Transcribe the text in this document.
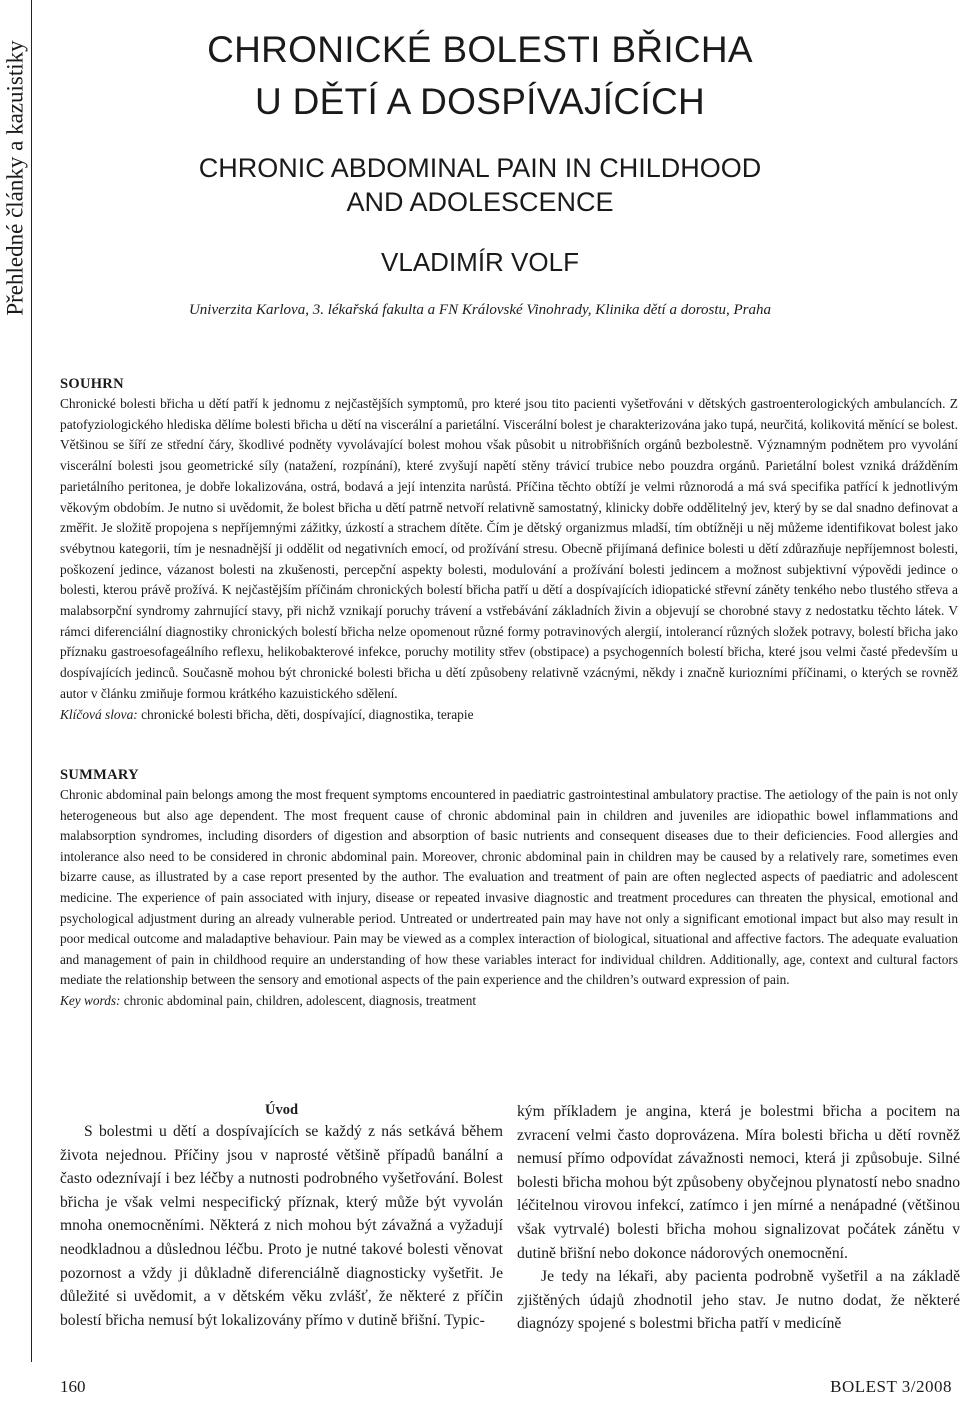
Přehledné články a kazuistiky	CHRONICKÉ BOLESTI BŘICHA
U DĚTÍ A DOSPÍVAJÍCÍCH
CHRONIC ABDOMINAL PAIN IN CHILDHOOD
AND ADOLESCENCE
VLADIMÍR VOLF

Univerzita Karlova, 3. lékařská fakulta a FN Královské Vinohrady, Klinika dětí a dorostu, Praha

SOUHRN

Chronické bolesti břicha u dětí patří k jednomu z nejčastějších symptomů, pro které jsou tito pacienti vyšetřováni v dětských gastroenterologických ambulancích. Z patofyziologického hlediska dělíme bolesti břicha u dětí na viscerální a parietální. Viscerální bolest je charakterizována jako tupá, neurčitá, kolikovitá měnící se bolest. Většinou se šíří ze střední čáry, škodlivé podněty vyvolávající bolest mohou však působit u nitrobřišních orgánů bezbolestně. Významným podnětem pro vyvolání viscerální bolesti jsou geometrické síly (natažení, rozpínání), které zvyšují napětí stěny trávicí trubice nebo pouzdra orgánů. Parietální bolest vzniká drážděním parietálního peritonea, je dobře lokalizována, ostrá, bodavá a její intenzita narůstá. Příčina těchto obtíží je velmi různorodá a má svá specifika patřící k jednotlivým věkovým obdobím. Je nutno si uvědomit, že bolest břicha u dětí patrně netvoří relativně samostatný, klinicky dobře oddělitelný jev, který by se dal snadno definovat a změřit. Je složitě propojena s nepříjemnými zážitky, úzkostí a strachem dítěte. Čím je dětský organizmus mladší, tím obtížněji u něj můžeme identifikovat bolest jako svébytnou kategorii, tím je nesnadnější ji oddělit od negativních emocí, od prožívání stresu. Obecně přijímaná definice bolesti u dětí zdůrazňuje nepříjemnost bolesti, poškození jedince, vázanost bolesti na zkušenosti, percepční aspekty bolesti, modulování a prožívání bolesti jedincem a možnost subjektivní výpovědi jedince o bolesti, kterou právě prožívá. K nejčastějším příčinám chronických bolestí břicha patří u dětí a dospívajících idiopatické střevní záněty tenkého nebo tlustého střeva a malabsorpční syndromy zahrnující stavy, při nichž vznikají poruchy trávení a vstřebávání základních živin a objevují se chorobné stavy z nedostatku těchto látek. V rámci diferenciální diagnostiky chronických bolestí břicha nelze opomenout různé formy potravinových alergií, intolerancí různých složek potravy, bolestí břicha jako příznaku gastroesofageálního reflexu, helikobakterové infekce, poruchy motility střev (obstipace) a psychogenních bolestí břicha, které jsou velmi časté především u dospívajících jedinců. Současně mohou být chronické bolesti břicha u dětí způsobeny relativně vzácnými, někdy i značně kuriozními příčinami, o kterých se rovněž autor v článku zmiňuje formou krátkého kazuistického sdělení.

Klíčová slova: chronické bolesti břicha, děti, dospívající, diagnostika, terapie

SUMMARY

Chronic abdominal pain belongs among the most frequent symptoms encountered in paediatric gastrointestinal ambulatory practise. The aetiology of the pain is not only heterogeneous but also age dependent. The most frequent cause of chronic abdominal pain in children and juveniles are idiopathic bowel inflammations and malabsorption syndromes, including disorders of digestion and absorption of basic nutrients and consequent diseases due to their deficiencies. Food allergies and intolerance also need to be considered in chronic abdominal pain. Moreover, chronic abdominal pain in children may be caused by a relatively rare, sometimes even bizarre cause, as illustrated by a case report presented by the author. The evaluation and treatment of pain are often neglected aspects of paediatric and adolescent medicine. The experience of pain associated with injury, disease or repeated invasive diagnostic and treatment procedures can threaten the physical, emotional and psychological adjustment during an already vulnerable period. Untreated or undertreated pain may have not only a significant emotional impact but also may result in poor medical outcome and maladaptive behaviour. Pain may be viewed as a complex interaction of biological, situational and affective factors. The adequate evaluation and management of pain in childhood require an understanding of how these variables interact for individual children. Additionally, age, context and cultural factors mediate the relationship between the sensory and emotional aspects of the pain experience and the children’s outward expression of pain.

Key words: chronic abdominal pain, children, adolescent, diagnosis, treatment

Úvod

S bolestmi u dětí a dospívajících se každý z nás setkává během života nejednou. Příčiny jsou v naprosté většině případů banální a často odeznívají i bez léčby a nutnosti podrobného vyšetřování. Bolest břicha je však velmi nespecifický příznak, který může být vyvolán mnoha onemocněními. Některá z nich mohou být závažná a vyžadují neodkladnou a důslednou léčbu. Proto je nutné takové bolesti věnovat pozornost a vždy ji důkladně diferenciálně diagnosticky vyšetřit. Je důležité si uvědomit, a v dětském věku zvlášť, že některé z příčin bolestí břicha nemusí být lokalizovány přímo v dutině břišní. Typic-

kým příkladem je angina, která je bolestmi břicha a pocitem na zvracení velmi často doprovázena. Míra bolesti břicha u dětí rovněž nemusí přímo odpovídat závažnosti nemoci, která ji způsobuje. Silné bolesti břicha mohou být způsobeny obyčejnou plynatostí nebo snadno léčitelnou virovou infekcí, zatímco i jen mírné a nenápadné (většinou však vytrvalé) bolesti břicha mohou signalizovat počátek zánětu v dutině břišní nebo dokonce nádorových onemocnění.

Je tedy na lékaři, aby pacienta podrobně vyšetřil a na základě zjištěných údajů zhodnotil jeho stav. Je nutno dodat, že některé diagnózy spojené s bolestmi břicha patří v medicíně

160	BOLEST 3/2008
